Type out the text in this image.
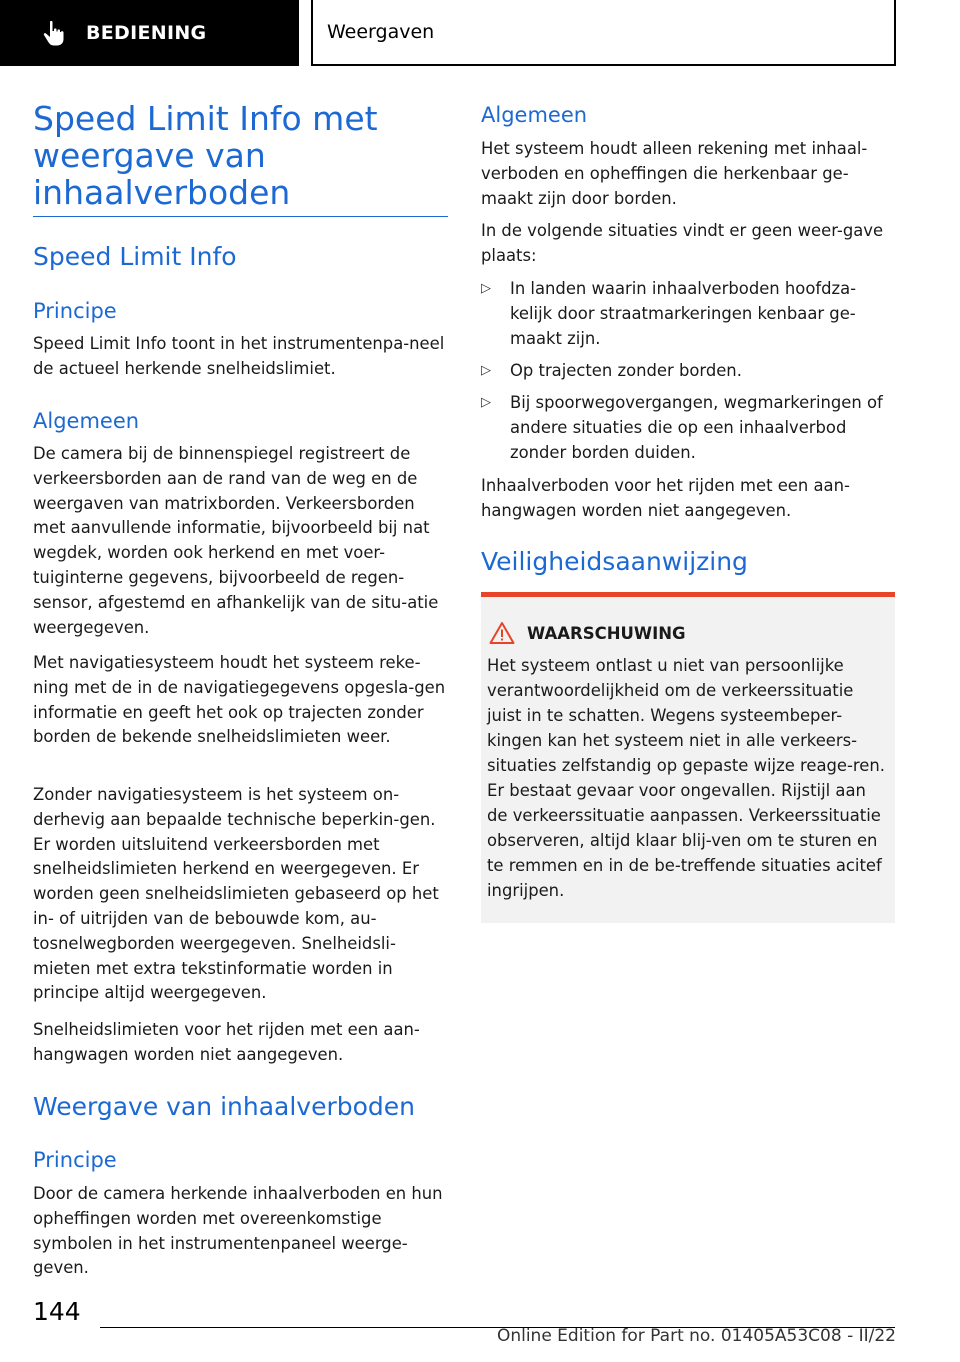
BEDIENING	Weergaven
Speed Limit Info met weergave van inhaalverboden
Speed Limit Info
Principe
Speed Limit Info toont in het instrumentenpa-neel de actueel herkende snelheidslimiet.
Algemeen
De camera bij de binnenspiegel registreert de verkeersborden aan de rand van de weg en de weergaven van matrixborden. Verkeersborden met aanvullende informatie, bijvoorbeeld bij nat wegdek, worden ook herkend en met voer-tuiginterne gegevens, bijvoorbeeld de regen-sensor, afgestemd en afhankelijk van de situ-atie weergegeven.
Met navigatiesysteem houdt het systeem reke-ning met de in de navigatiegegevens opgesla-gen informatie en geeft het ook op trajecten zonder borden de bekende snelheidslimieten weer.
Zonder navigatiesysteem is het systeem on-derhevig aan bepaalde technische beperkin-gen. Er worden uitsluitend verkeersborden met snelheidslimieten herkend en weergegeven. Er worden geen snelheidslimieten gebaseerd op het in- of uitrijden van de bebouwde kom, au-tosnelwegborden weergegeven. Snelheidsli-mieten met extra tekstinformatie worden in principe altijd weergegeven.
Snelheidslimieten voor het rijden met een aan-hangwagen worden niet aangegeven.
Weergave van inhaalverboden
Principe
Door de camera herkende inhaalverboden en hun opheffingen worden met overeenkomstige symbolen in het instrumentenpaneel weerge-geven.
Algemeen
Het systeem houdt alleen rekening met inhaal-verboden en opheffingen die herkenbaar ge-maakt zijn door borden.
In de volgende situaties vindt er geen weer-gave plaats:
▷ In landen waarin inhaalverboden hoofdza-kelijk door straatmarkeringen kenbaar ge-maakt zijn.
▷ Op trajecten zonder borden.
▷ Bij spoorwegovergangen, wegmarkeringen of andere situaties die op een inhaalverbod zonder borden duiden.
Inhaalverboden voor het rijden met een aan-hangwagen worden niet aangegeven.
Veiligheidsaanwijzing
WAARSCHUWING
Het systeem ontlast u niet van persoonlijke verantwoordelijkheid om de verkeerssituatie juist in te schatten. Wegens systeembeper-kingen kan het systeem niet in alle verkeers-situaties zelfstandig op gepaste wijze reage-ren. Er bestaat gevaar voor ongevallen. Rijstijl aan de verkeerssituatie aanpassen. Verkeerssituatie observeren, altijd klaar blij-ven om te sturen en te remmen en in de be-treffende situaties acitef ingrijpen.
144
Online Edition for Part no. 01405A53C08 - II/22
